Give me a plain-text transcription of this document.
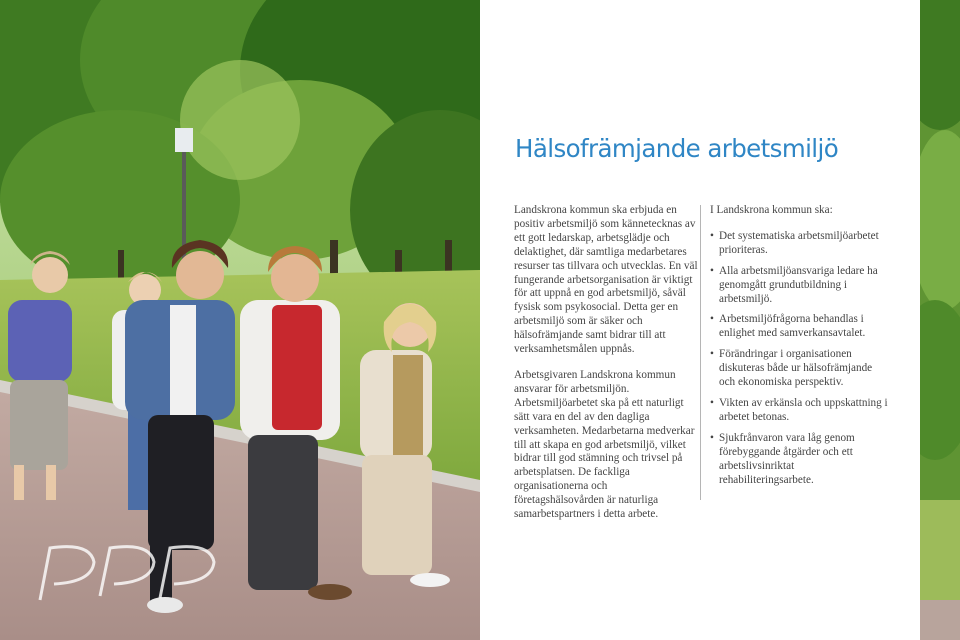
Hälsofrämjande arbetsmiljö

Landskrona kommun ska erbjuda en positiv arbetsmiljö som kännetecknas av ett gott ledarskap, arbetsglädje och delaktighet, där samtliga medarbetares resurser tas tillvara och utvecklas. En väl fungerande arbetsorganisation är viktigt för att uppnå en god arbetsmiljö, såväl fysisk som psykosocial. Detta ger en arbetsmiljö som är säker och hälsofrämjande samt bidrar till att verksamhetsmålen uppnås.

Arbetsgivaren Landskrona kommun ansvarar för arbetsmiljön. Arbetsmiljöarbetet ska på ett naturligt sätt vara en del av den dagliga verksamheten. Medarbetarna medverkar till att skapa en god arbetsmiljö, vilket bidrar till god stämning och trivsel på arbetsplatsen. De fackliga organisationerna och företagshälsovården är naturliga samarbetspartners i detta arbete.

I Landskrona kommun ska:

• Det systematiska arbetsmiljöarbetet prioriteras.
• Alla arbetsmiljöansvariga ledare ha genomgått grundutbildning i arbetsmiljö.
• Arbetsmiljöfrågorna behandlas i enlighet med samverkansavtalet.
• Förändringar i organisationen diskuteras både ur hälsofrämjande och ekonomiska perspektiv.
• Vikten av erkänsla och uppskattning i arbetet betonas.
• Sjukfrånvaron vara låg genom förebyggande åtgärder och ett arbetslivsinriktat rehabiliteringsarbete.
